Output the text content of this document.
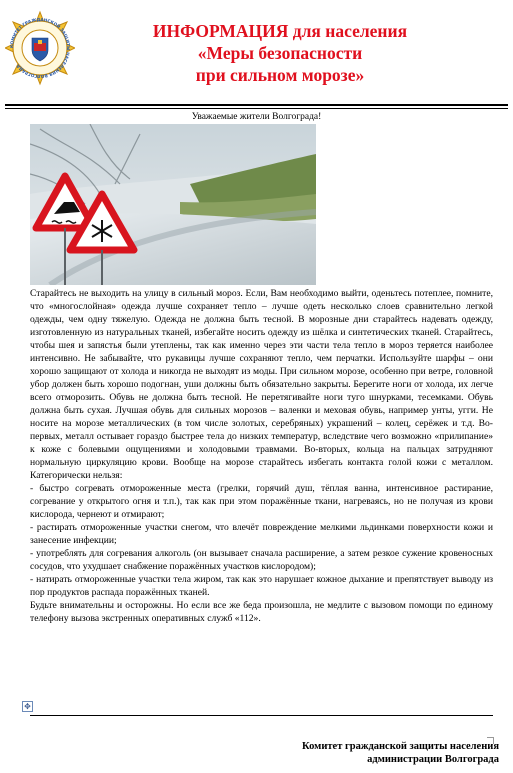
КОМИТЕТ ГРАЖДАНСКОЙ ЗАЩИТЫ НАСЕЛЕНИЯ ВОЛГОГРАДА
ИНФОРМАЦИЯ для населения
«Меры безопасности
при сильном морозе»
Уважаемые жители Волгограда!

Старайтесь не выходить на улицу в сильный мороз. Если, Вам необходимо выйти, оденьтесь потеплее, помните, что «многослойная» одежда лучше сохраняет тепло – лучше одеть несколько слоев сравнительно легкой одежды, чем одну тяжелую. Одежда не должна быть тесной. В морозные дни старайтесь надевать одежду, изготовленную из натуральных тканей, избегайте носить одежду из шёлка и синтетических тканей. Старайтесь, чтобы шея и запястья были утеплены, так как именно через эти части тела тепло в мороз теряется наиболее интенсивно. Не забывайте, что рукавицы лучше сохраняют тепло, чем перчатки. Используйте шарфы – они хорошо защищают от холода и никогда не выходят из моды. При сильном морозе, особенно при ветре, головной убор должен быть хорошо подогнан, уши должны быть обязательно закрыты. Берегите ноги от холода, их легче всего отморозить. Обувь не должна быть тесной. Не перетягивайте ноги тугo шнурками, тесемками. Обувь должна быть сухая. Лучшая обувь для сильных морозов – валенки и меховая обувь, например унты, угги. Не носите на морозе металлических (в том числе золотых, серебряных) украшений – колец, серёжек и т.д. Во-первых, металл остывает гораздо быстрее тела до низких температур, вследствие чего возможно «прилипание» к коже с болевыми ощущениями и холодовыми травмами. Во-вторых, кольца на пальцах затрудняют нормальную циркуляцию крови. Вообще на морозе старайтесь избегать контакта голой кожи с металлом. Категорически нельзя:

- быстро согревать отмороженные места (грелки, горячий душ, тёплая ванна, интенсивное растирание, согревание у открытого огня и т.п.), так как при этом поражённые ткани, нагреваясь, но не получая из крови кислорода, чернеют и отмирают;

- растирать отмороженные участки снегом, что влечёт повреждение мелкими льдинками поверхности кожи и занесение инфекции;

- употреблять для согревания алкоголь (он вызывает сначала расширение, а затем резкое сужение кровеносных сосудов, что ухудшает снабжение поражённых участков кислородом);

- натирать отмороженные участки тела жиром, так как это нарушает кожное дыхание и препятствует выводу из пор продуктов распада поражённых тканей.

Будьте внимательны и осторожны. Но если все же беда произошла, не медлите с вызовом помощи по единому телефону вызова экстренных оперативных служб «112».

✥
Комитет гражданской защиты населения
администрации Волгограда
